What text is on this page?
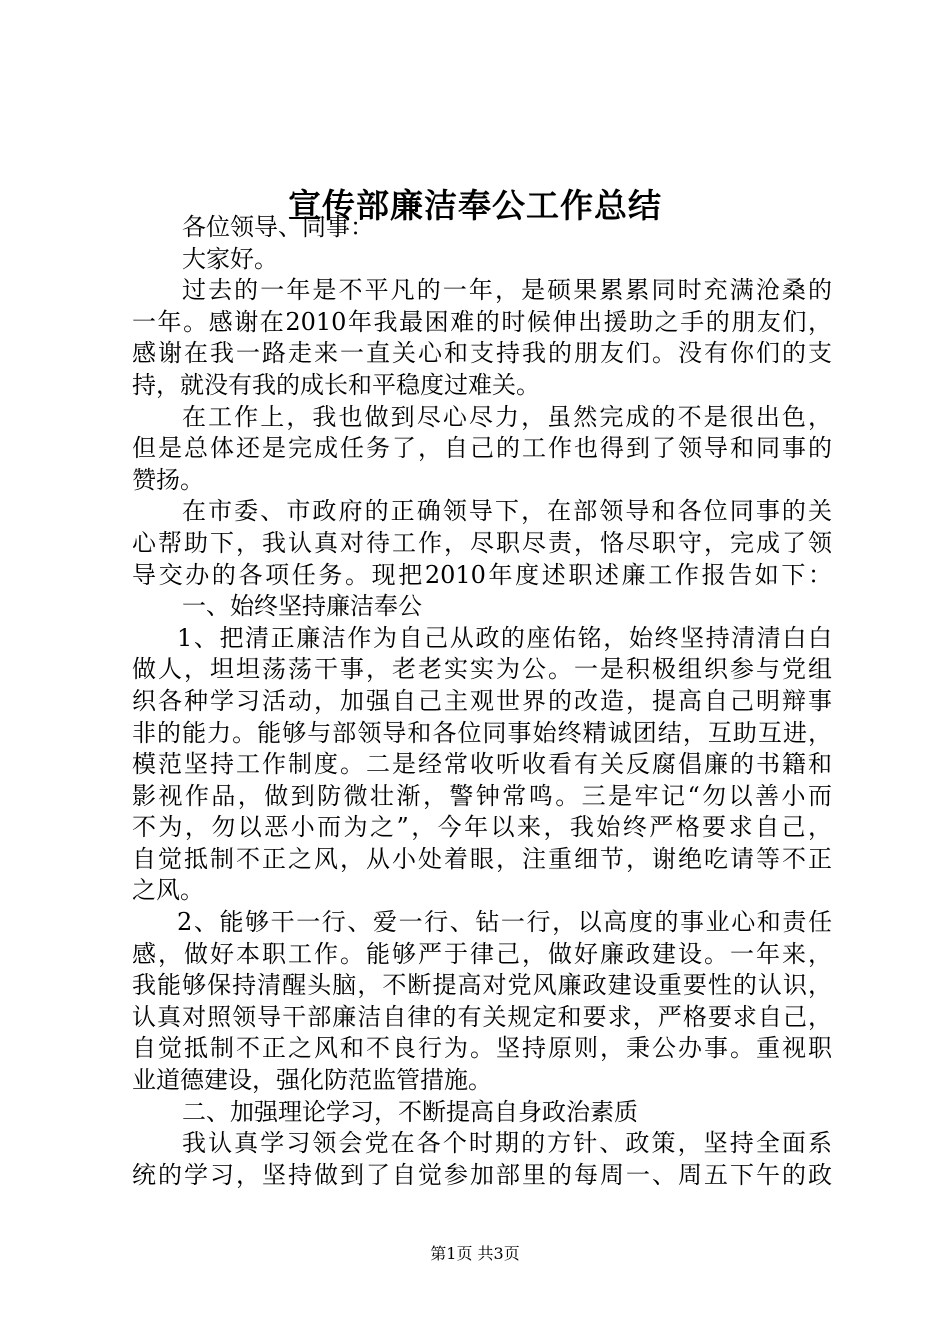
宣传部廉洁奉公工作总结
各位领导、同事：
大家好。
过去的一年是不平凡的一年，是硕果累累同时充满沧桑的
一年。感谢在2010年我最困难的时候伸出援助之手的朋友们，
感谢在我一路走来一直关心和支持我的朋友们。没有你们的支
持，就没有我的成长和平稳度过难关。
在工作上，我也做到尽心尽力，虽然完成的不是很出色，
但是总体还是完成任务了，自己的工作也得到了领导和同事的
赞扬。
在市委、市政府的正确领导下，在部领导和各位同事的关
心帮助下，我认真对待工作，尽职尽责，恪尽职守，完成了领
导交办的各项任务。现把2010年度述职述廉工作报告如下：
一、始终坚持廉洁奉公
1、把清正廉洁作为自己从政的座佑铭，始终坚持清清白白
做人，坦坦荡荡干事，老老实实为公。一是积极组织参与党组
织各种学习活动，加强自己主观世界的改造，提高自己明辩事
非的能力。能够与部领导和各位同事始终精诚团结，互助互进，
模范坚持工作制度。二是经常收听收看有关反腐倡廉的书籍和
影视作品，做到防微壮渐，警钟常鸣。三是牢记“勿以善小而
不为，勿以恶小而为之”，今年以来，我始终严格要求自己，
自觉抵制不正之风，从小处着眼，注重细节，谢绝吃请等不正
之风。
2、能够干一行、爱一行、钻一行，以高度的事业心和责任
感，做好本职工作。能够严于律己，做好廉政建设。一年来，
我能够保持清醒头脑，不断提高对党风廉政建设重要性的认识，
认真对照领导干部廉洁自律的有关规定和要求，严格要求自己，
自觉抵制不正之风和不良行为。坚持原则，秉公办事。重视职
业道德建设，强化防范监管措施。
二、加强理论学习，不断提高自身政治素质
我认真学习领会党在各个时期的方针、政策，坚持全面系
统的学习，坚持做到了自觉参加部里的每周一、周五下午的政
第1页 共3页
